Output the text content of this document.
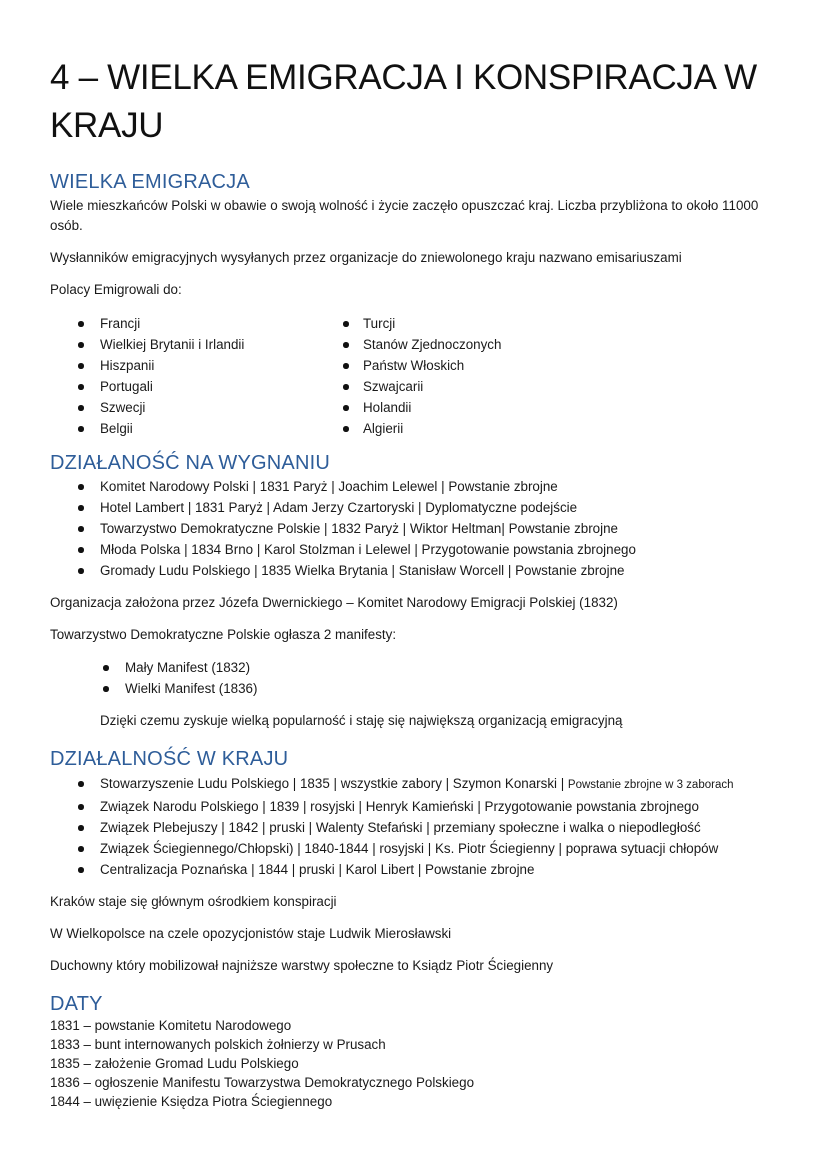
4 – WIELKA EMIGRACJA I KONSPIRACJA W KRAJU
WIELKA EMIGRACJA

Wiele mieszkańców Polski w obawie o swoją wolność i życie zaczęło opuszczać kraj. Liczba przybliżona to około 11000 osób.

Wysłanników emigracyjnych wysyłanych przez organizacje do zniewolonego kraju nazwano emisariuszami

Polacy Emigrowali do:

Francji
Wielkiej Brytanii i Irlandii
Hiszpanii
Portugali
Szwecji
Belgii
Turcji
Stanów Zjednoczonych
Państw Włoskich
Szwajcarii
Holandii
Algierii
DZIAŁANOŚĆ NA WYGNANIU
Komitet Narodowy Polski | 1831 Paryż | Joachim Lelewel | Powstanie zbrojne
Hotel Lambert | 1831 Paryż | Adam Jerzy Czartoryski | Dyplomatyczne podejście
Towarzystwo Demokratyczne Polskie | 1832 Paryż | Wiktor Heltman| Powstanie zbrojne
Młoda Polska | 1834 Brno | Karol Stolzman i Lelewel | Przygotowanie powstania zbrojnego
Gromady Ludu Polskiego | 1835 Wielka Brytania | Stanisław Worcell | Powstanie zbrojne

Organizacja założona przez Józefa Dwernickiego – Komitet Narodowy Emigracji Polskiej (1832)

Towarzystwo Demokratyczne Polskie ogłasza 2 manifesty:

Mały Manifest (1832)
Wielki Manifest (1836)

Dzięki czemu zyskuje wielką popularność i staję się największą organizacją emigracyjną

DZIAŁALNOŚĆ W KRAJU
Stowarzyszenie Ludu Polskiego | 1835 | wszystkie zabory | Szymon Konarski | Powstanie zbrojne w 3 zaborach
Związek Narodu Polskiego | 1839 | rosyjski | Henryk Kamieński | Przygotowanie powstania zbrojnego
Związek Plebejuszy | 1842 | pruski | Walenty Stefański | przemiany społeczne i walka o niepodległość
Związek Ściegiennego/Chłopski) | 1840-1844 | rosyjski | Ks. Piotr Ściegienny | poprawa sytuacji chłopów
Centralizacja Poznańska | 1844 | pruski | Karol Libert | Powstanie zbrojne

Kraków staje się głównym ośrodkiem konspiracji

W Wielkopolsce na czele opozycjonistów staje Ludwik Mierosławski

Duchowny który mobilizował najniższe warstwy społeczne to Ksiądz Piotr Ściegienny

DATY

1831 – powstanie Komitetu Narodowego

1833 – bunt internowanych polskich żołnierzy w Prusach

1835 – założenie Gromad Ludu Polskiego

1836 – ogłoszenie Manifestu Towarzystwa Demokratycznego Polskiego

1844 – uwięzienie Księdza Piotra Ściegiennego
